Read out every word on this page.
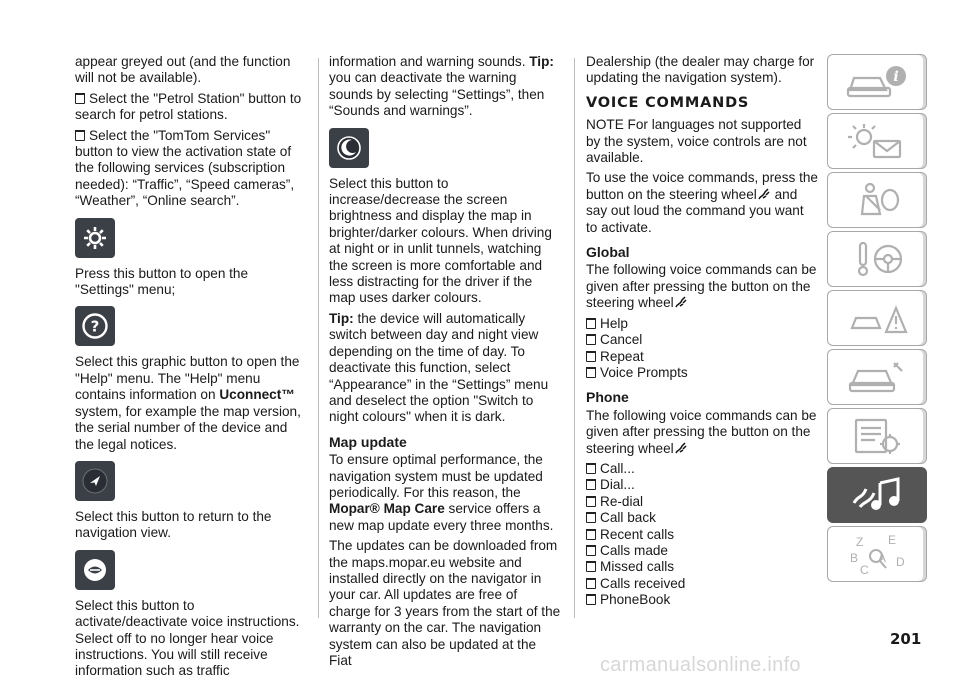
appear greyed out (and the function will not be available).

Select the "Petrol Station" button to search for petrol stations.

Select the "TomTom Services" button to view the activation state of the following services (subscription needed): “Traffic”, “Speed cameras”, “Weather”, “Online search”.

Press this button to open the "Settings" menu;

?

Select this graphic button to open the "Help" menu. The "Help" menu contains information on Uconnect™ system, for example the map version, the serial number of the device and the legal notices.

Select this button to return to the navigation view.

Select this button to activate/deactivate voice instructions. Select off to no longer hear voice instructions. You will still receive information such as traffic

information and warning sounds. Tip: you can deactivate the warning sounds by selecting “Settings”, then “Sounds and warnings”.

Select this button to increase/decrease the screen brightness and display the map in brighter/darker colours. When driving at night or in unlit tunnels, watching the screen is more comfortable and less distracting for the driver if the map uses darker colours.

Tip: the device will automatically switch between day and night view depending on the time of day. To deactivate this function, select “Appearance” in the “Settings” menu and deselect the option "Switch to night colours" when it is dark.

Map update

To ensure optimal performance, the navigation system must be updated periodically. For this reason, the Mopar® Map Care service offers a new map update every three months.

The updates can be downloaded from the maps.mopar.eu website and installed directly on the navigator in your car. All updates are free of charge for 3 years from the start of the warranty on the car. The navigation system can also be updated at the Fiat

Dealership (the dealer may charge for updating the navigation system).

VOICE COMMANDS

NOTE For languages not supported by the system, voice controls are not available.

To use the voice commands, press the button on the steering wheel and say out loud the command you want to activate.

Global

The following voice commands can be given after pressing the button on the steering wheel

Help
Cancel
Repeat
Voice Prompts
Phone

The following voice commands can be given after pressing the button on the steering wheel

Call...
Dial...
Re-dial
Call back
Recent calls
Calls made
Missed calls
Calls received
PhoneBook
i
Z E
B A D
C
201
carmanualsonline.info
